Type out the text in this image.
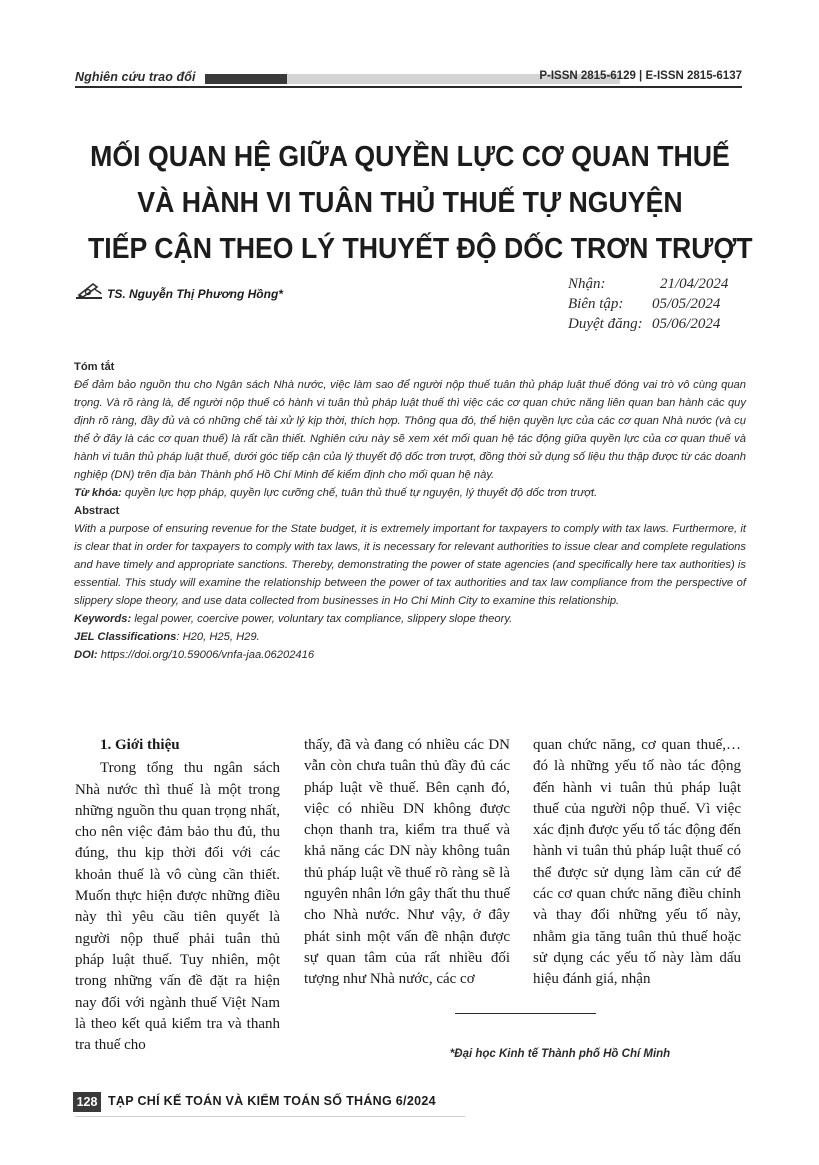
Nghiên cứu trao đổi	P-ISSN 2815-6129 | E-ISSN 2815-6137
MỐI QUAN HỆ GIỮA QUYỀN LỰC CƠ QUAN THUẾ
VÀ HÀNH VI TUÂN THỦ THUẾ TỰ NGUYỆN
TIẾP CẬN THEO LÝ THUYẾT ĐỘ DỐC TRƠN TRƯỢT
TS. Nguyễn Thị Phương Hồng*
Nhận:	21/04/2024
Biên tập:	05/05/2024
Duyệt đăng: 05/06/2024

Tóm tắt

Để đảm bảo nguồn thu cho Ngân sách Nhà nước, việc làm sao để người nộp thuế tuân thủ pháp luật thuế đóng vai trò vô cùng quan trọng. Và rõ ràng là, để người nộp thuế có hành vi tuân thủ pháp luật thuế thì việc các cơ quan chức năng liên quan ban hành các quy định rõ ràng, đầy đủ và có những chế tài xử lý kịp thời, thích hợp. Thông qua đó, thể hiện quyền lực của các cơ quan Nhà nước (và cụ thể ở đây là các cơ quan thuế) là rất cần thiết. Nghiên cứu này sẽ xem xét mối quan hệ tác động giữa quyền lực của cơ quan thuế và hành vi tuân thủ pháp luật thuế, dưới góc tiếp cận của lý thuyết độ dốc trơn trượt, đồng thời sử dụng số liệu thu thập được từ các doanh nghiệp (DN) trên địa bàn Thành phố Hồ Chí Minh để kiểm định cho mối quan hệ này.

Từ khóa: quyền lực hợp pháp, quyền lực cưỡng chế, tuân thủ thuế tự nguyện, lý thuyết độ dốc trơn trượt.

Abstract

With a purpose of ensuring revenue for the State budget, it is extremely important for taxpayers to comply with tax laws. Furthermore, it is clear that in order for taxpayers to comply with tax laws, it is necessary for relevant authorities to issue clear and complete regulations and have timely and appropriate sanctions. Thereby, demonstrating the power of state agencies (and specifically here tax authorities) is essential. This study will examine the relationship between the power of tax authorities and tax law compliance from the perspective of slippery slope theory, and use data collected from businesses in Ho Chi Minh City to examine this relationship.

Keywords: legal power, coercive power, voluntary tax compliance, slippery slope theory.

JEL Classifications: H20, H25, H29.

DOI: https://doi.org/10.59006/vnfa-jaa.06202416

1. Giới thiệu

Trong tổng thu ngân sách Nhà nước thì thuế là một trong những nguồn thu quan trọng nhất, cho nên việc đảm bảo thu đủ, thu đúng, thu kịp thời đối với các khoản thuế là vô cùng cần thiết. Muốn thực hiện được những điều này thì yêu cầu tiên quyết là người nộp thuế phải tuân thủ pháp luật thuế. Tuy nhiên, một trong những vấn đề đặt ra hiện nay đối với ngành thuế Việt Nam là theo kết quả kiểm tra và thanh tra thuế cho

thấy, đã và đang có nhiều các DN vẫn còn chưa tuân thủ đầy đủ các pháp luật về thuế. Bên cạnh đó, việc có nhiều DN không được chọn thanh tra, kiểm tra thuế và khả năng các DN này không tuân thủ pháp luật về thuế rõ ràng sẽ là nguyên nhân lớn gây thất thu thuế cho Nhà nước. Như vậy, ở đây phát sinh một vấn đề nhận được sự quan tâm của rất nhiều đối tượng như Nhà nước, các cơ

quan chức năng, cơ quan thuế,… đó là những yếu tố nào tác động đến hành vi tuân thủ pháp luật thuế của người nộp thuế. Vì việc xác định được yếu tố tác động đến hành vi tuân thủ pháp luật thuế có thể được sử dụng làm căn cứ để các cơ quan chức năng điều chỉnh và thay đổi những yếu tố này, nhằm gia tăng tuân thủ thuế hoặc sử dụng các yếu tố này làm dấu hiệu đánh giá, nhận

*Đại học Kinh tế Thành phố Hồ Chí Minh
128 TẠP CHÍ KẾ TOÁN VÀ KIỂM TOÁN SỐ THÁNG 6/2024
